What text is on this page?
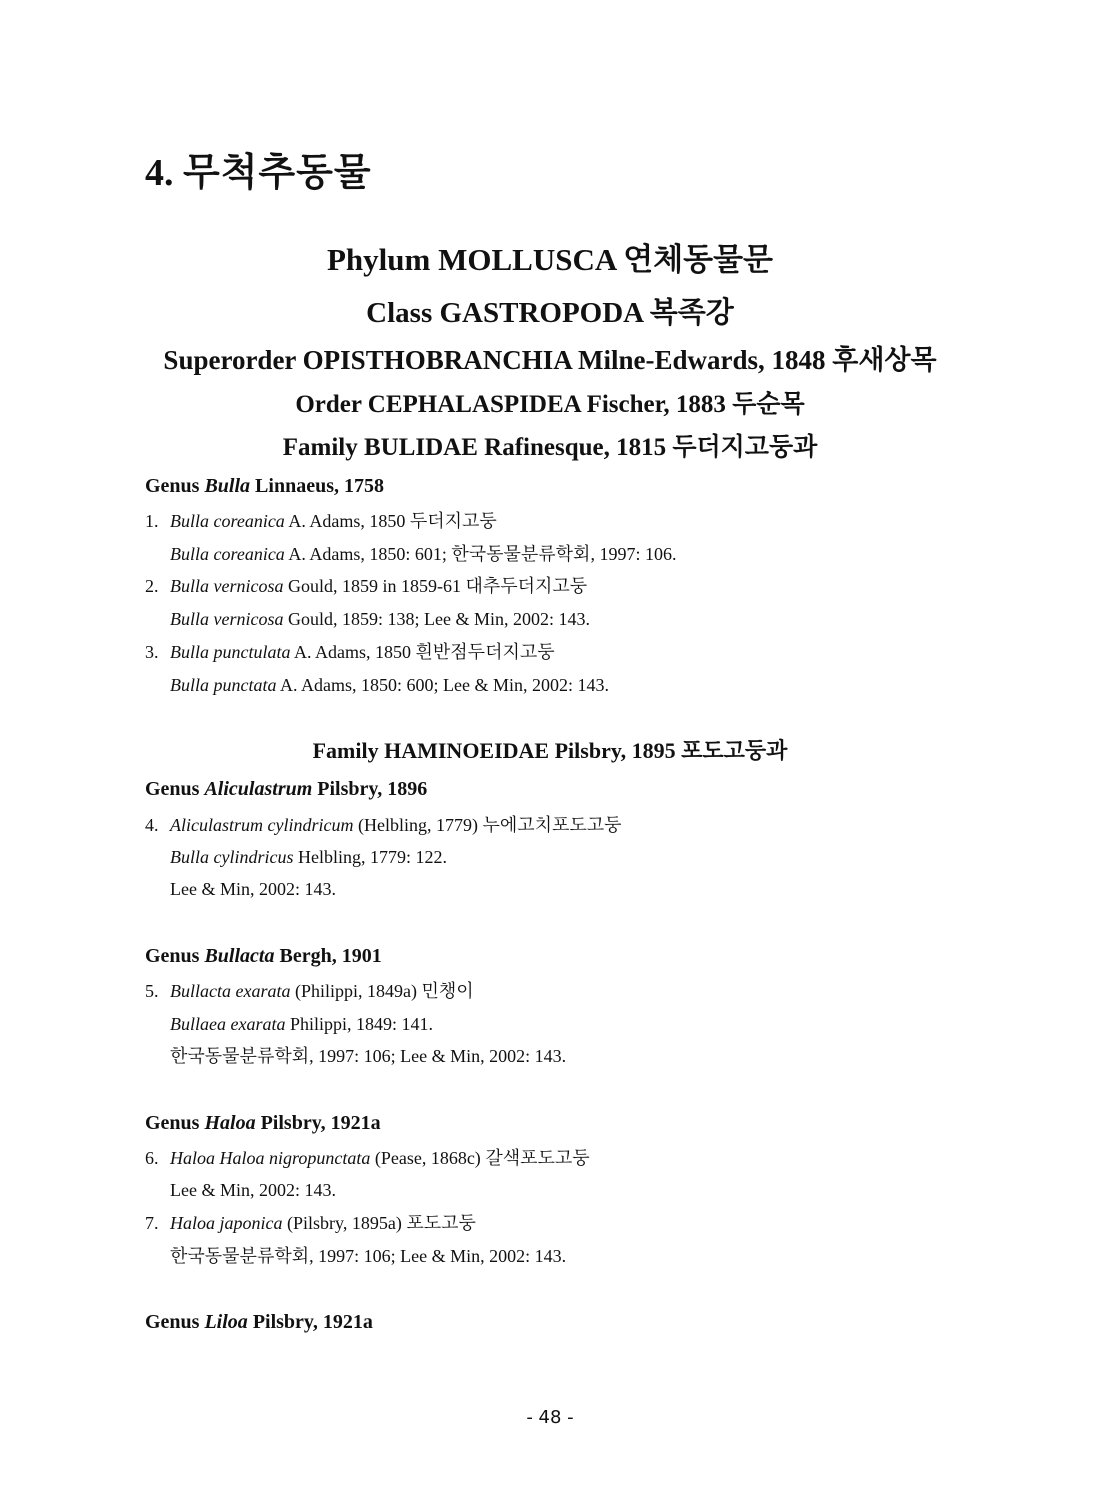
4. 무척추동물
Phylum MOLLUSCA 연체동물문
Class GASTROPODA 복족강
Superorder OPISTHOBRANCHIA Milne-Edwards, 1848 후새상목
Order CEPHALASPIDEA Fischer, 1883 두순목
Family BULIDAE Rafinesque, 1815 두더지고둥과
Genus Bulla Linnaeus, 1758
1. Bulla coreanica A. Adams, 1850 두더지고둥
Bulla coreanica A. Adams, 1850: 601; 한국동물분류학회, 1997: 106.
2. Bulla vernicosa Gould, 1859 in 1859-61 대추두더지고둥
Bulla vernicosa Gould, 1859: 138; Lee & Min, 2002: 143.
3. Bulla punctulata A. Adams, 1850 흰반점두더지고둥
Bulla punctata A. Adams, 1850: 600; Lee & Min, 2002: 143.
Family HAMINOEIDAE Pilsbry, 1895 포도고둥과
Genus Aliculastrum Pilsbry, 1896
4. Aliculastrum cylindricum (Helbling, 1779) 누에고치포도고둥
Bulla cylindricus Helbling, 1779: 122.
Lee & Min, 2002: 143.
Genus Bullacta Bergh, 1901
5. Bullacta exarata (Philippi, 1849a) 민챙이
Bullaea exarata Philippi, 1849: 141.
한국동물분류학회, 1997: 106; Lee & Min, 2002: 143.
Genus Haloa Pilsbry, 1921a
6. Haloa Haloa nigropunctata (Pease, 1868c) 갈색포도고둥
Lee & Min, 2002: 143.
7. Haloa japonica (Pilsbry, 1895a) 포도고둥
한국동물분류학회, 1997: 106; Lee & Min, 2002: 143.
Genus Liloa Pilsbry, 1921a
- 48 -
